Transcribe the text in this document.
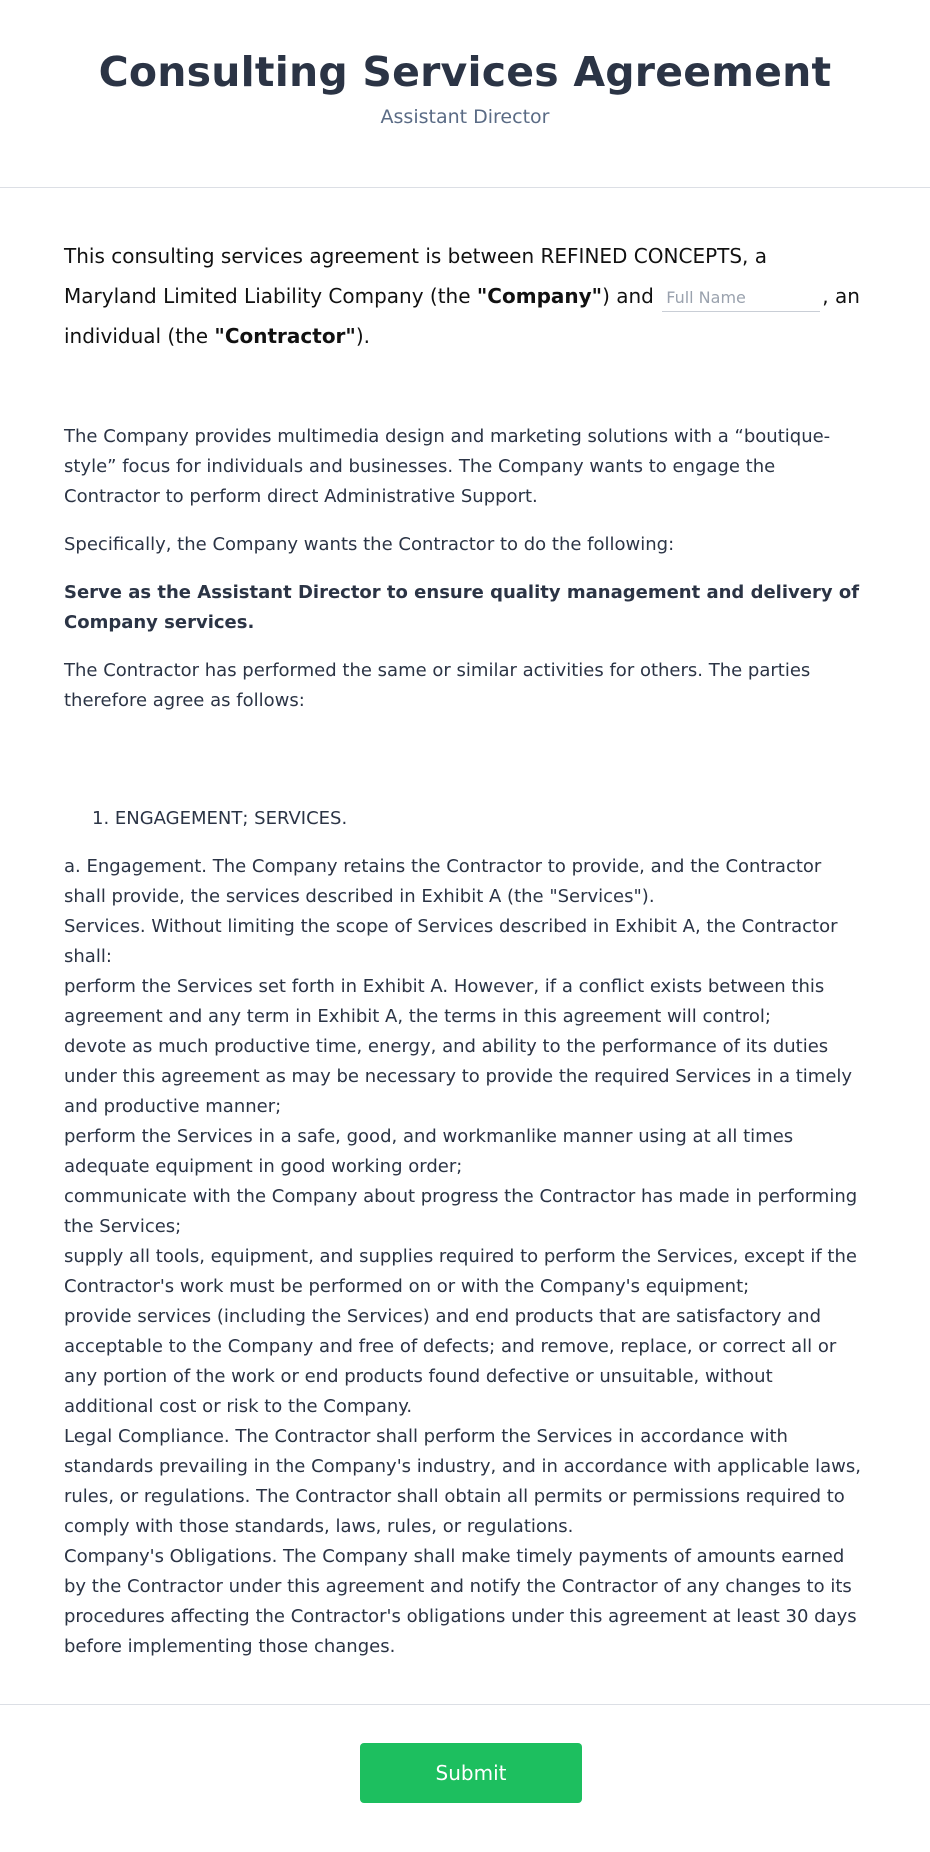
Consulting Services Agreement

Assistant Director

This consulting services agreement is between REFINED CONCEPTS, a Maryland Limited Liability Company (the "Company") and Full Name	, an individual (the "Contractor").

The Company provides multimedia design and marketing solutions with a “boutique-style” focus for individuals and businesses. The Company wants to engage the Contractor to perform direct Administrative Support.

Specifically, the Company wants the Contractor to do the following:

Serve as the Assistant Director to ensure quality management and delivery of Company services.

The Contractor has performed the same or similar activities for others. The parties therefore agree as follows:

1. ENGAGEMENT; SERVICES.

a. Engagement. The Company retains the Contractor to provide, and the Contractor shall provide, the services described in Exhibit A (the "Services").

Services. Without limiting the scope of Services described in Exhibit A, the Contractor shall:

perform the Services set forth in Exhibit A. However, if a conflict exists between this agreement and any term in Exhibit A, the terms in this agreement will control;

devote as much productive time, energy, and ability to the performance of its duties under this agreement as may be necessary to provide the required Services in a timely and productive manner;

perform the Services in a safe, good, and workmanlike manner using at all times adequate equipment in good working order;

communicate with the Company about progress the Contractor has made in performing the Services;

supply all tools, equipment, and supplies required to perform the Services, except if the Contractor's work must be performed on or with the Company's equipment;

provide services (including the Services) and end products that are satisfactory and acceptable to the Company and free of defects; and remove, replace, or correct all or any portion of the work or end products found defective or unsuitable, without additional cost or risk to the Company.

Legal Compliance. The Contractor shall perform the Services in accordance with standards prevailing in the Company's industry, and in accordance with applicable laws, rules, or regulations. The Contractor shall obtain all permits or permissions required to comply with those standards, laws, rules, or regulations.

Company's Obligations. The Company shall make timely payments of amounts earned by the Contractor under this agreement and notify the Contractor of any changes to its procedures affecting the Contractor's obligations under this agreement at least 30 days before implementing those changes.

Submit
